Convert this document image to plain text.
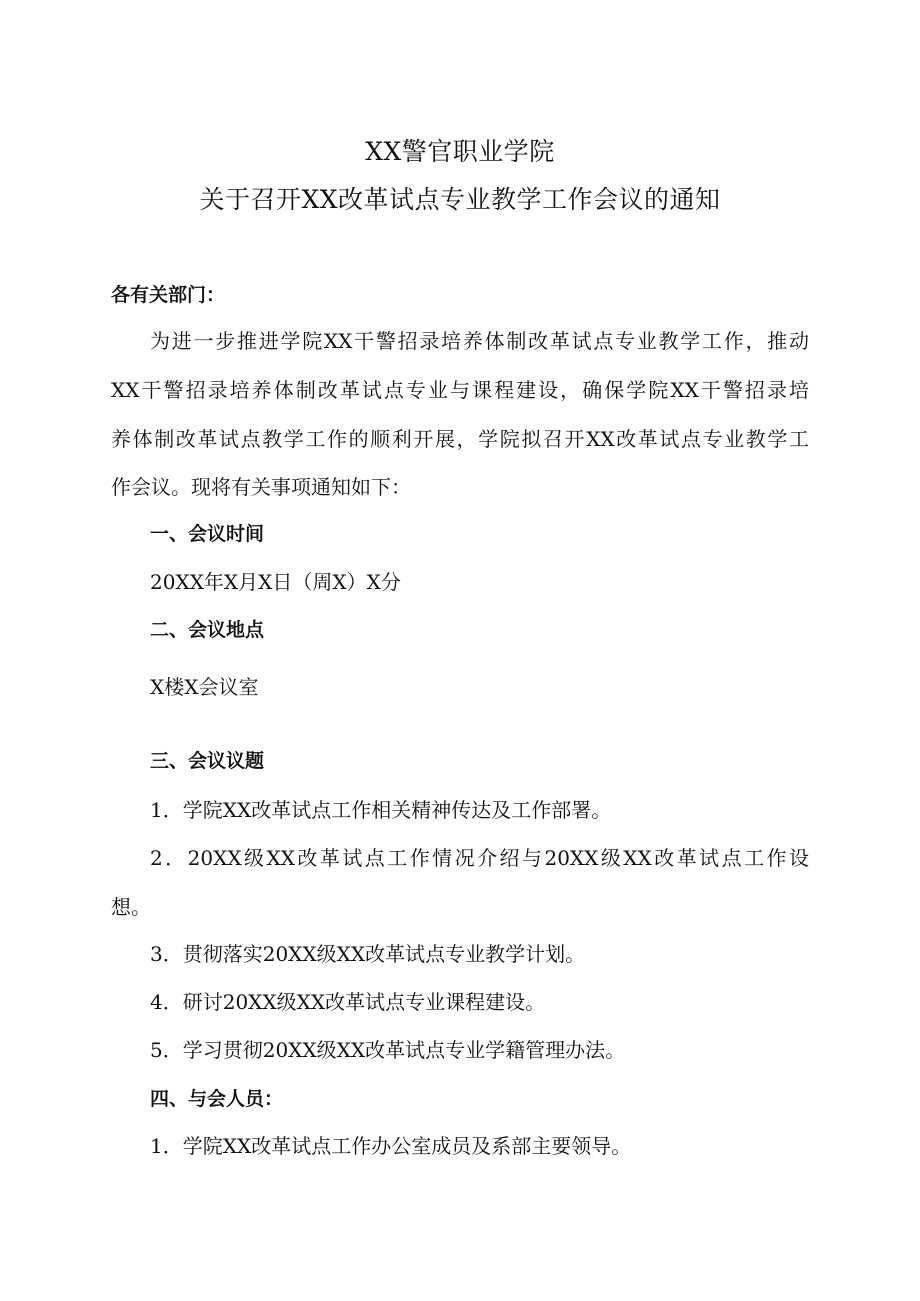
XX警官职业学院
关于召开XX改革试点专业教学工作会议的通知
各有关部门：
为进一步推进学院XX干警招录培养体制改革试点专业教学工作，推动
XX干警招录培养体制改革试点专业与课程建设，确保学院XX干警招录培
养体制改革试点教学工作的顺利开展，学院拟召开XX改革试点专业教学工
作会议。现将有关事项通知如下：
一、会议时间
20XX年X月X日（周X）X分
二、会议地点
X楼X会议室
三、会议议题
1．学院XX改革试点工作相关精神传达及工作部署。
2．20XX级XX改革试点工作情况介绍与20XX级XX改革试点工作设
想。
3．贯彻落实20XX级XX改革试点专业教学计划。
4．研讨20XX级XX改革试点专业课程建设。
5．学习贯彻20XX级XX改革试点专业学籍管理办法。
四、与会人员：
1．学院XX改革试点工作办公室成员及系部主要领导。
